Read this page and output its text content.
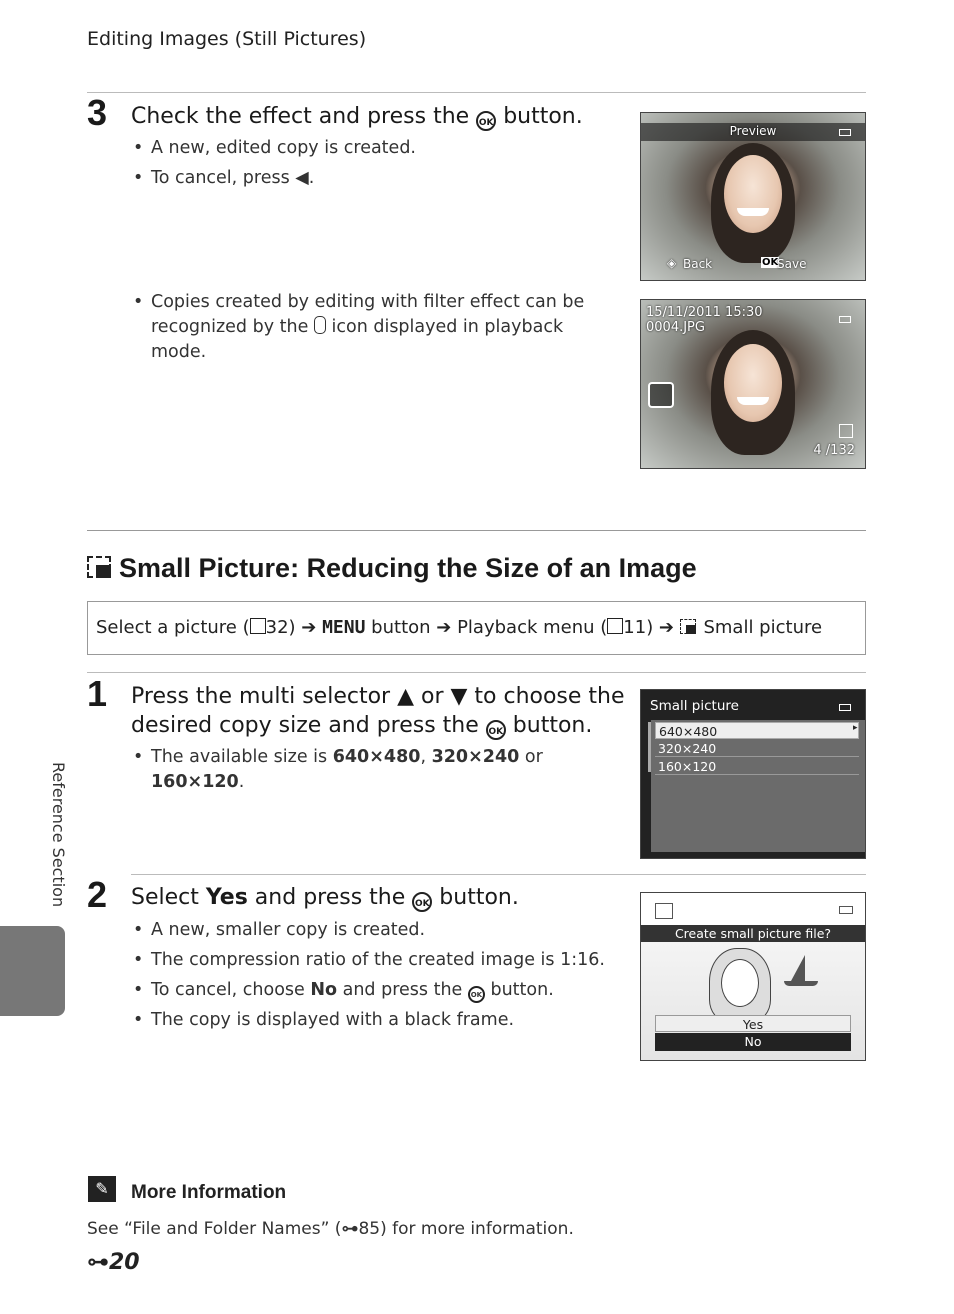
Editing Images (Still Pictures)
3 Check the effect and press the OK button.
• A new, edited copy is created.
• To cancel, press ◀.
• Copies created by editing with filter effect can be recognized by the icon displayed in playback mode.
Preview
◈ Back	OK
Save
15/11/2011 15:30
0004.JPG
4 /132
Small Picture: Reducing the Size of an Image
Select a picture ( 32) ➔ MENU button ➔ Playback menu ( 11) ➔
Small picture
1 Press the multi selector ▲ or ▼ to choose the
desired copy size and press the OK button.
• The available size is 640×480, 320×240 or 160×120.
Small picture
640×480	▸
320×240
160×120
2 Select Yes and press the OK button.
• A new, smaller copy is created.
• The compression ratio of the created image is 1:16.
• To cancel, choose No and press the OK button.
• The copy is displayed with a black frame.
Create small picture file?
Yes
No
✎	More Information
See “File and Folder Names” (⊶85) for more information.
Reference Section
⊶20
